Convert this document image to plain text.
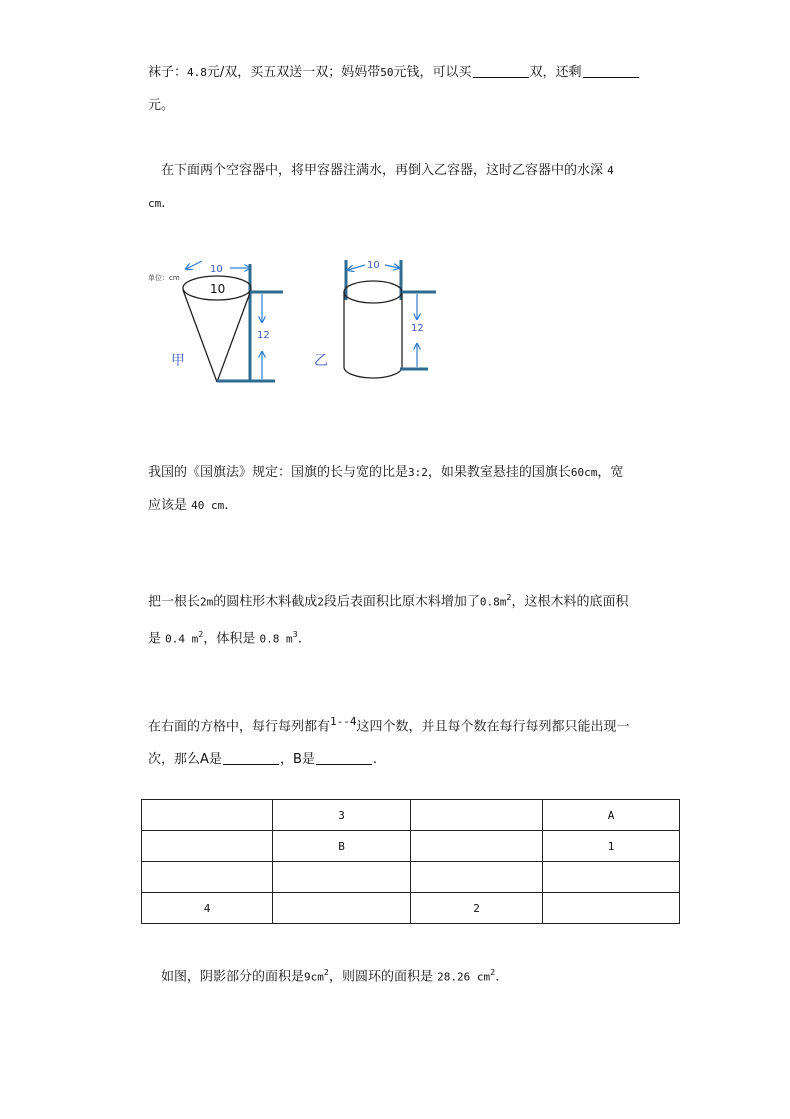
袜子：4.8元/双，买五双送一双；妈妈带50元钱，可以买	双，还剩
元。
　在下面两个空容器中，将甲容器注满水，再倒入乙容器，这时乙容器中的水深 4
cm.
单位：cm
10
10
12
甲
10
12
乙
我国的《国旗法》规定：国旗的长与宽的比是3:2，如果教室悬挂的国旗长60cm，宽
应该是 40 cm.
把一根长2m的圆柱形木料截成2段后表面积比原木料增加了$0.8m^2$，这根木料的底面积
是 0.4 $m^2$，体积是 0.8 $m^3$.
在右面的方格中，每行每列都有$^{1--4}$这四个数，并且每个数在每行每列都只能出现一
次，那么A是	，B是	.
	3		A
	B		1

4		2	
　如图，阴影部分的面积是$9cm^2$，则圆环的面积是 28.26 $cm^2$.
